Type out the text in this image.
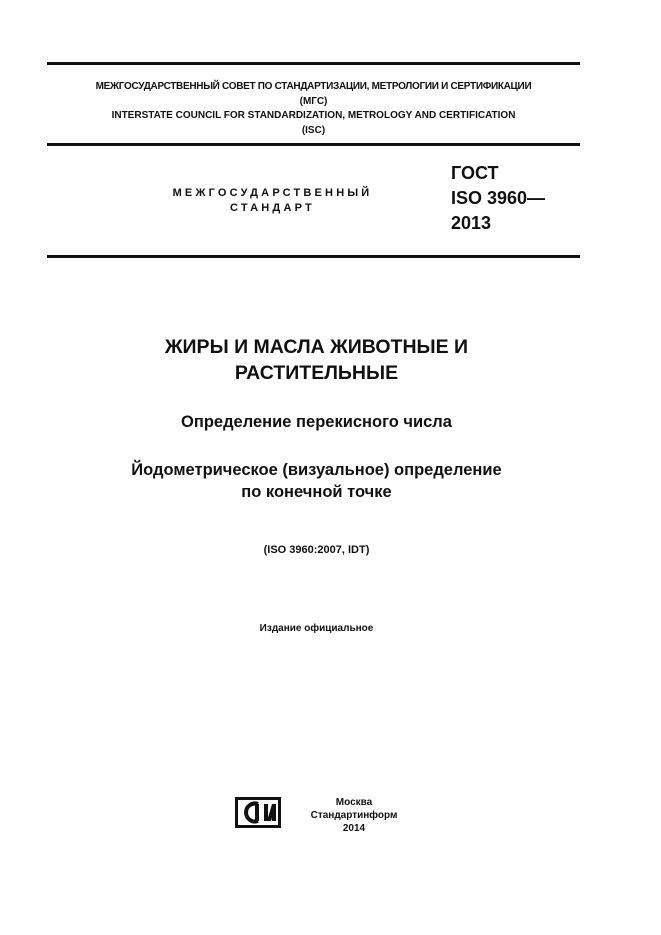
МЕЖГОСУДАРСТВЕННЫЙ СОВЕТ ПО СТАНДАРТИЗАЦИИ, МЕТРОЛОГИИ И СЕРТИФИКАЦИИ
(МГС)
INTERSTATE COUNCIL FOR STANDARDIZATION, METROLOGY AND CERTIFICATION
(ISC)
МЕЖГОСУДАРСТВЕННЫЙ
СТАНДАРТ
ГОСТ
ISO 3960—
2013
ЖИРЫ И МАСЛА ЖИВОТНЫЕ И
РАСТИТЕЛЬНЫЕ
Определение перекисного числа
Йодометрическое (визуальное) определение
по конечной точке
(ISO 3960:2007, IDT)
Издание официальное
Москва
Стандартинформ
2014
